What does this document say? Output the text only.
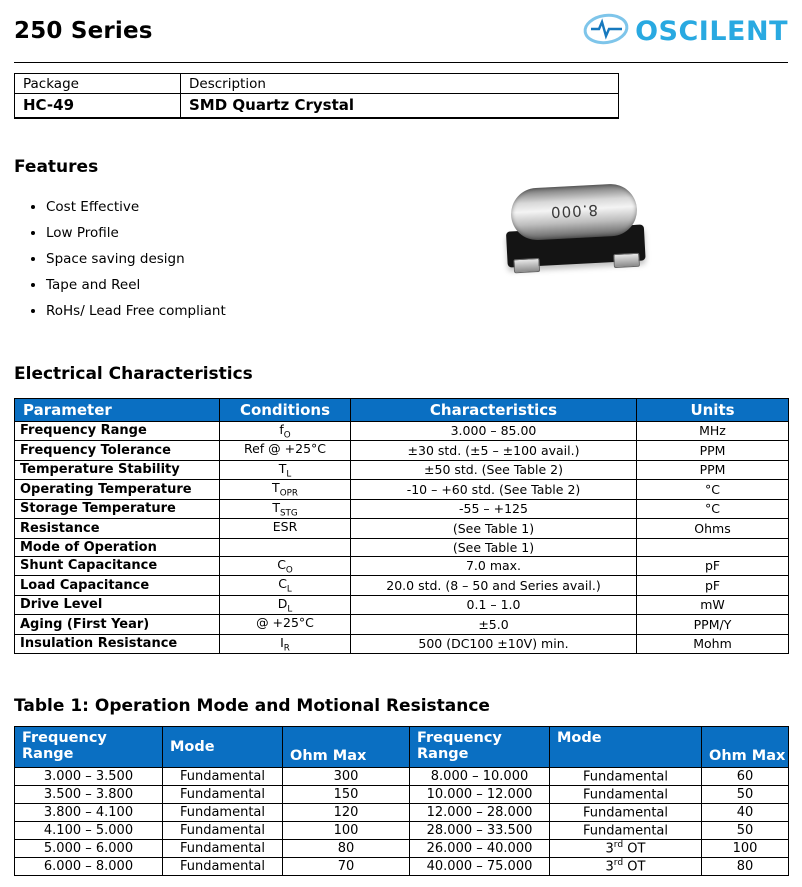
250 Series	OSCILENT
Package	Description
HC-49	SMD Quartz Crystal
Features
• Cost Effective
• Low Profile
• Space saving design
• Tape and Reel
• RoHs/ Lead Free compliant
8.000
Electrical Characteristics
Parameter	Conditions	Characteristics	Units
Frequency Range	$f_O$	3.000 – 85.00	MHz
Frequency Tolerance	Ref @ +25°C	±30 std. (±5 – ±100 avail.)	PPM
Temperature Stability	$T_L$	±50 std. (See Table 2)	PPM
Operating Temperature	$T_{OPR}$	-10 – +60 std. (See Table 2)	°C
Storage Temperature	$T_{STG}$	-55 – +125	°C
Resistance	ESR	(See Table 1)	Ohms
Mode of Operation		(See Table 1)	
Shunt Capacitance	$C_O$	7.0 max.	pF
Load Capacitance	$C_L$	20.0 std. (8 – 50 and Series avail.)	pF
Drive Level	$D_L$	0.1 – 1.0	mW
Aging (First Year)	@ +25°C	±5.0	PPM/Y
Insulation Resistance	$I_R$	500 (DC100 ±10V) min.	Mohm
Table 1: Operation Mode and Motional Resistance
Frequency Range	Mode	Ohm Max	Frequency Range	Mode	Ohm Max
3.000 – 3.500	Fundamental	300	8.000 – 10.000	Fundamental	60
3.500 – 3.800	Fundamental	150	10.000 – 12.000	Fundamental	50
3.800 – 4.100	Fundamental	120	12.000 – 28.000	Fundamental	40
4.100 – 5.000	Fundamental	100	28.000 – 33.500	Fundamental	50
5.000 – 6.000	Fundamental	80	26.000 – 40.000	3rd OT	100
6.000 – 8.000	Fundamental	70	40.000 – 75.000	3rd OT	80
